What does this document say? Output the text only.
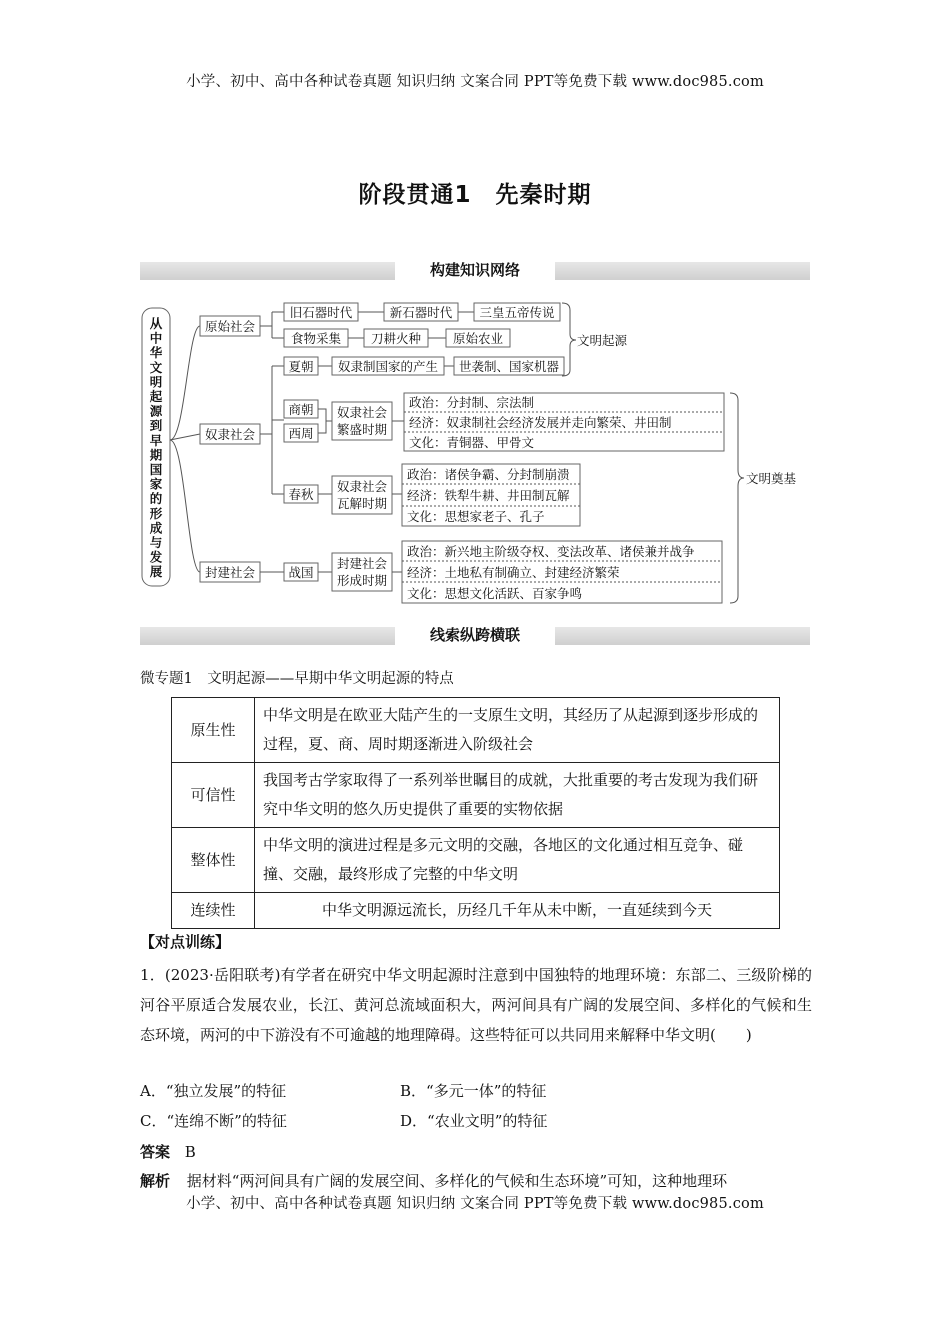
小学、初中、高中各种试卷真题 知识归纳 文案合同 PPT等免费下载 www.doc985.com
阶段贯通1　先秦时期
构建知识网络
从
中
华
文
明
起
源
到
早
期
国
家
的
形
成
与
发
展
原始社会
奴隶社会
封建社会
旧石器时代	新石器时代 三皇五帝传说
食物采集 刀耕火种	原始农业	文明起源
夏朝 奴隶制国家的产生 世袭制、国家机器
商朝
西周
奴隶社会
繁盛时期
政治：分封制、宗法制
经济：奴隶制社会经济发展并走向繁荣、井田制
文化：青铜器、甲骨文
春秋
奴隶社会
瓦解时期
政治：诸侯争霸、分封制崩溃
经济：铁犁牛耕、井田制瓦解
文化：思想家老子、孔子
战国
封建社会
形成时期
政治：新兴地主阶级夺权、变法改革、诸侯兼并战争
经济：土地私有制确立、封建经济繁荣
文化：思想文化活跃、百家争鸣
文明奠基
线索纵跨横联
微专题1　文明起源——早期中华文明起源的特点
原生性	中华文明是在欧亚大陆产生的一支原生文明，其经历了从起源到逐步形成的过程，夏、商、周时期逐渐进入阶级社会
可信性	我国考古学家取得了一系列举世瞩目的成就，大批重要的考古发现为我们研究中华文明的悠久历史提供了重要的实物依据
整体性	中华文明的演进过程是多元文明的交融，各地区的文化通过相互竞争、碰撞、交融，最终形成了完整的中华文明
连续性	中华文明源远流长，历经几千年从未中断，一直延续到今天
【对点训练】
1．(2023·岳阳联考)有学者在研究中华文明起源时注意到中国独特的地理环境：东部二、三级阶梯的河谷平原适合发展农业，长江、黄河总流域面积大，两河间具有广阔的发展空间、多样化的气候和生态环境，两河的中下游没有不可逾越的地理障碍。这些特征可以共同用来解释中华文明(　　)
A．“独立发展”的特征	B．“多元一体”的特征
C．“连绵不断”的特征	D．“农业文明”的特征
答案 B
解析 据材料“两河间具有广阔的发展空间、多样化的气候和生态环境”可知，这种地理环
小学、初中、高中各种试卷真题 知识归纳 文案合同 PPT等免费下载 www.doc985.com
